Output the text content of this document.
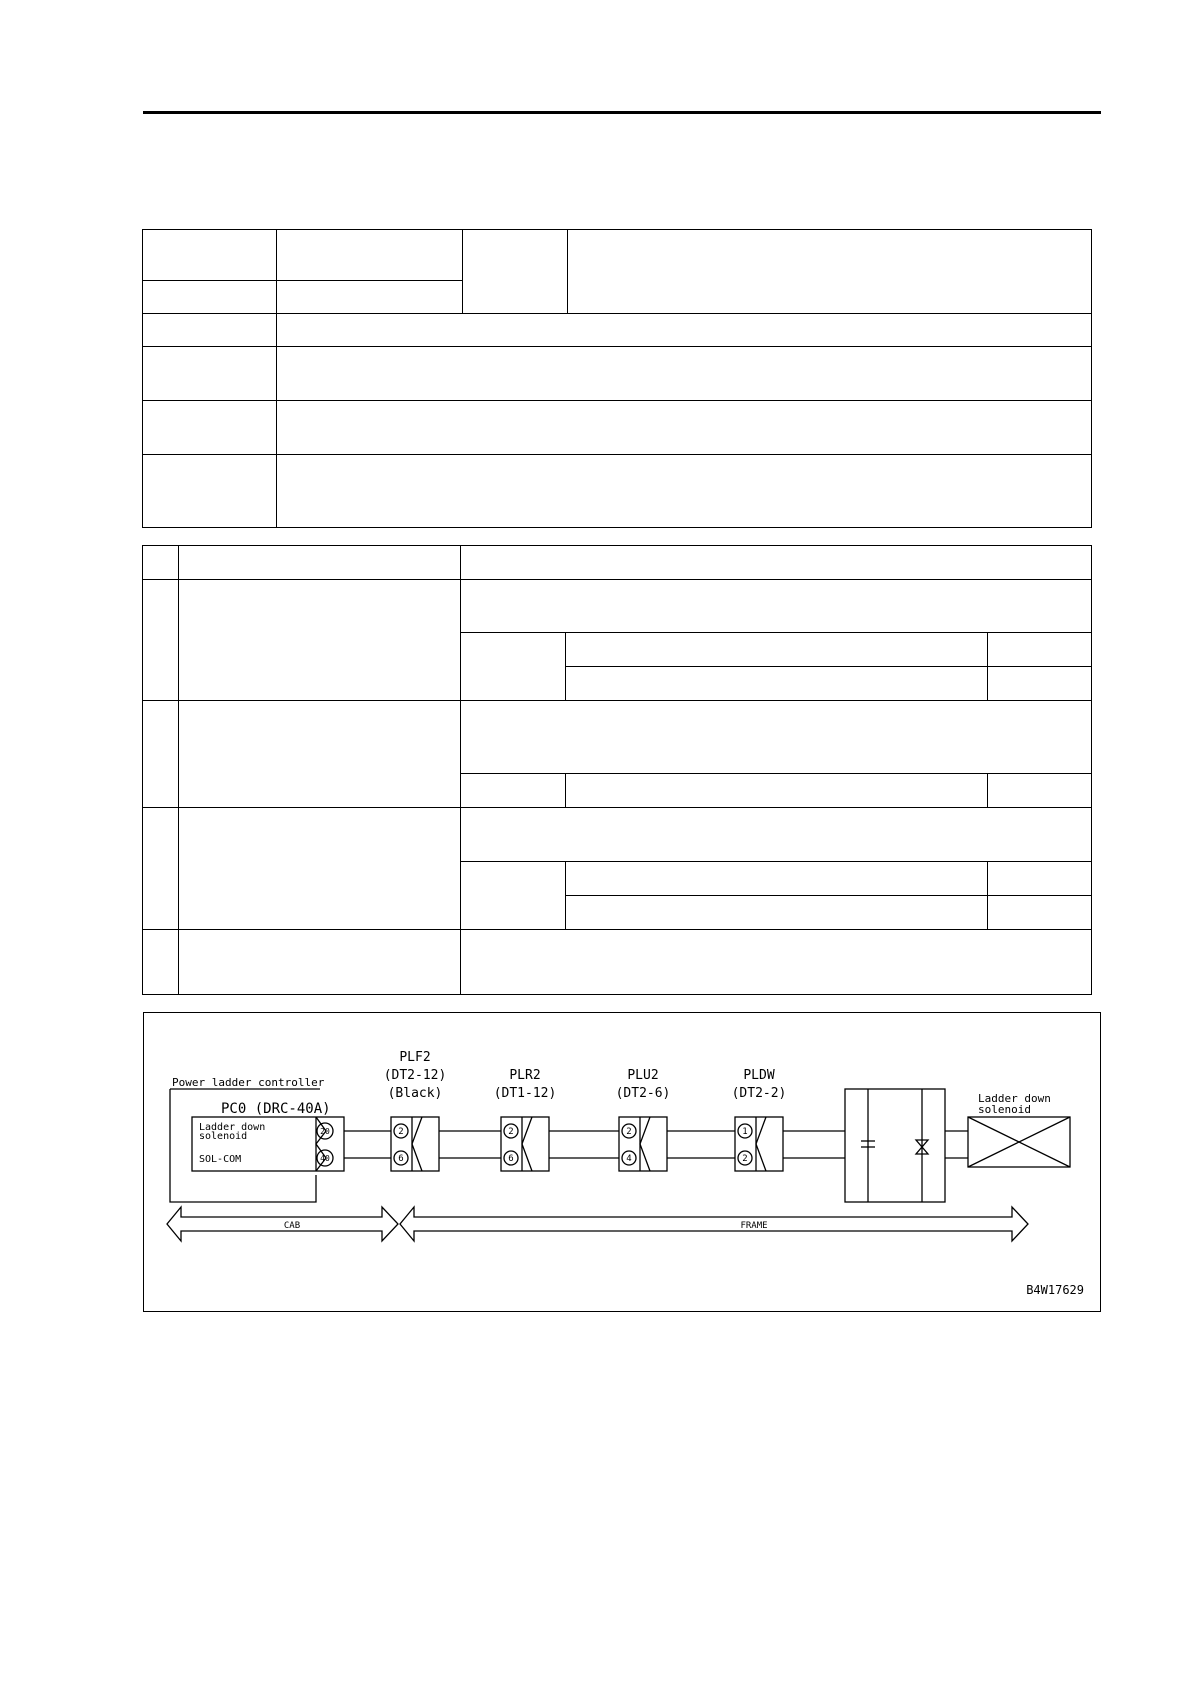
Power ladder controller
PC0 (DRC-40A)
Ladder down
solenoid
SOL-COM
20
40
PLF2
(DT2-12)
(Black)
2
6
PLR2
(DT1-12)
2
6
PLU2
(DT2-6)
2
4
PLDW
(DT2-2)
1
2
Ladder down
solenoid
CAB	FRAME
B4W17629
